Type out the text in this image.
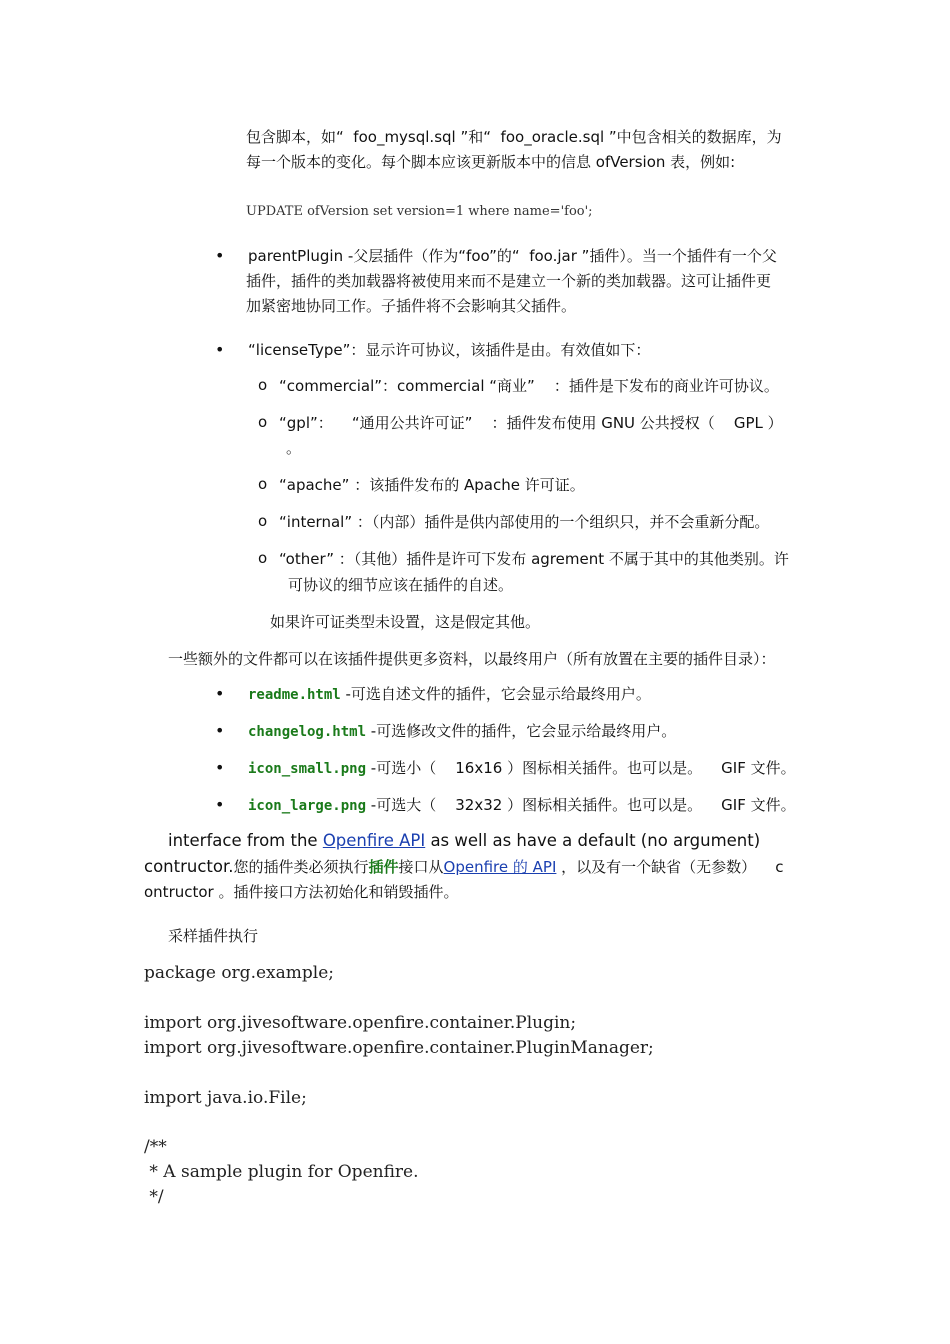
包含脚本，如“  foo_mysql.sql ”和“  foo_oracle.sql ”中包含相关的数据库，为
每一个版本的变化。每个脚本应该更新版本中的信息 ofVersion 表，例如:
UPDATE ofVersion set version=1 where name='foo';
• parentPlugin -父层插件（作为“foo”的“  foo.jar ”插件）。当一个插件有一个父
插件，插件的类加载器将被使用来而不是建立一个新的类加载器。这可让插件更
加紧密地协同工作。子插件将不会影响其父插件。
• “licenseType”：显示许可协议，该插件是由。有效值如下：
o “commercial”：commercial “商业”    ：插件是下发布的商业许可协议。
o “gpl”：    “通用公共许可证”    ：插件发布使用 GNU 公共授权（    GPL ）
。
o “apache” ：该插件发布的 Apache 许可证。
o “internal” ：（内部）插件是供内部使用的一个组织只，并不会重新分配。
o “other” ：（其他）插件是许可下发布 agrement 不属于其中的其他类别。许
可协议的细节应该在插件的自述。
如果许可证类型未设置，这是假定其他。
一些额外的文件都可以在该插件提供更多资料，以最终用户（所有放置在主要的插件目录）：
• readme.html -可选自述文件的插件，它会显示给最终用户。
• changelog.html -可选修改文件的插件，它会显示给最终用户。
• icon_small.png -可选小（    16x16 ）图标相关插件。也可以是。    GIF 文件。
• icon_large.png -可选大（    32x32 ）图标相关插件。也可以是。    GIF 文件。
interface from the Openfire API as well as have a default (no argument)
contructor.您的插件类必须执行插件接口从Openfire 的 API ，以及有一个缺省（无参数）    c
ontructor 。插件接口方法初始化和销毁插件。
采样插件执行
package org.example;
import org.jivesoftware.openfire.container.Plugin;
import org.jivesoftware.openfire.container.PluginManager;
import java.io.File;
/**
* A sample plugin for Openfire.
*/
